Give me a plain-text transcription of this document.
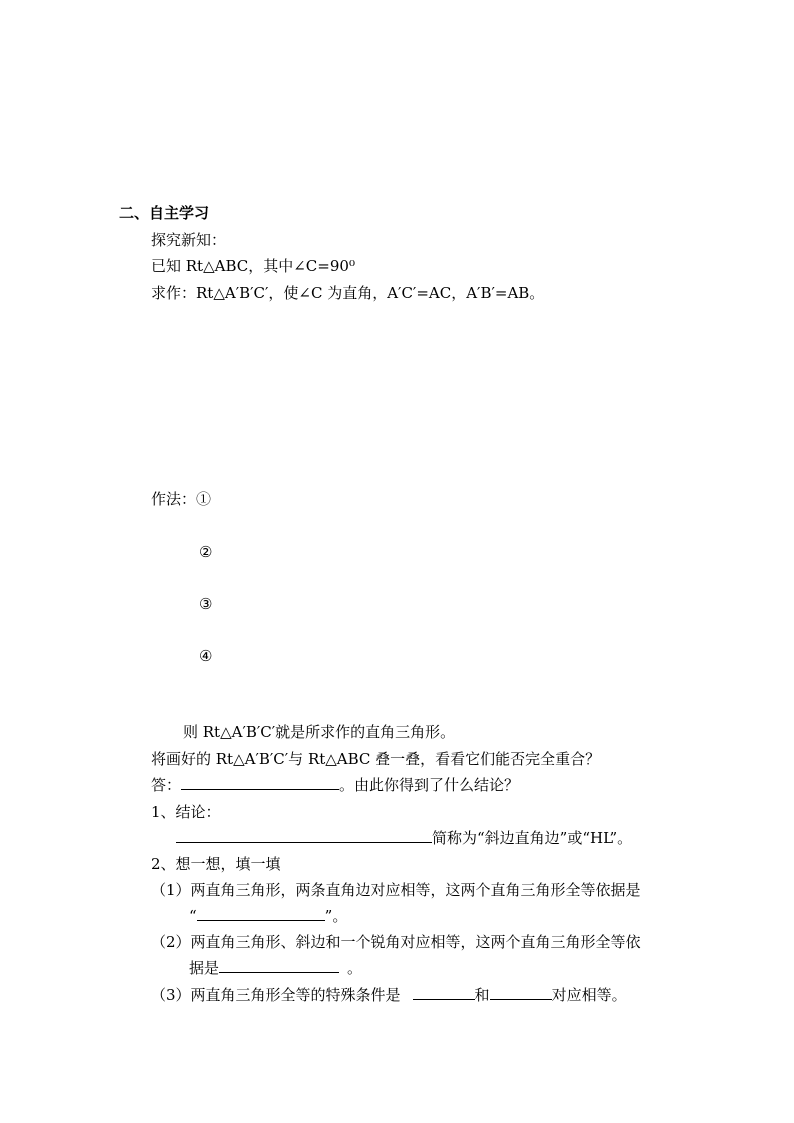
二、自主学习
探究新知：
已知 Rt△ABC，其中∠C=90⁰
求作：Rt△A′B′C′，使∠C 为直角，A′C′=AC，A′B′=AB。
作法：①
②
③
④
则 Rt△A′B′C′就是所求作的直角三角形。
将画好的 Rt△A′B′C′与 Rt△ABC 叠一叠，看看它们能否完全重合？
答：	。由此你得到了什么结论？
1、结论：
简称为“斜边直角边”或“HL”。
2、想一想，填一填
（1）两直角三角形，两条直角边对应相等，这两个直角三角形全等依据是
“	”。
（2）两直角三角形、斜边和一个锐角对应相等，这两个直角三角形全等依
据是	。
（3）两直角三角形全等的特殊条件是	和	对应相等。
